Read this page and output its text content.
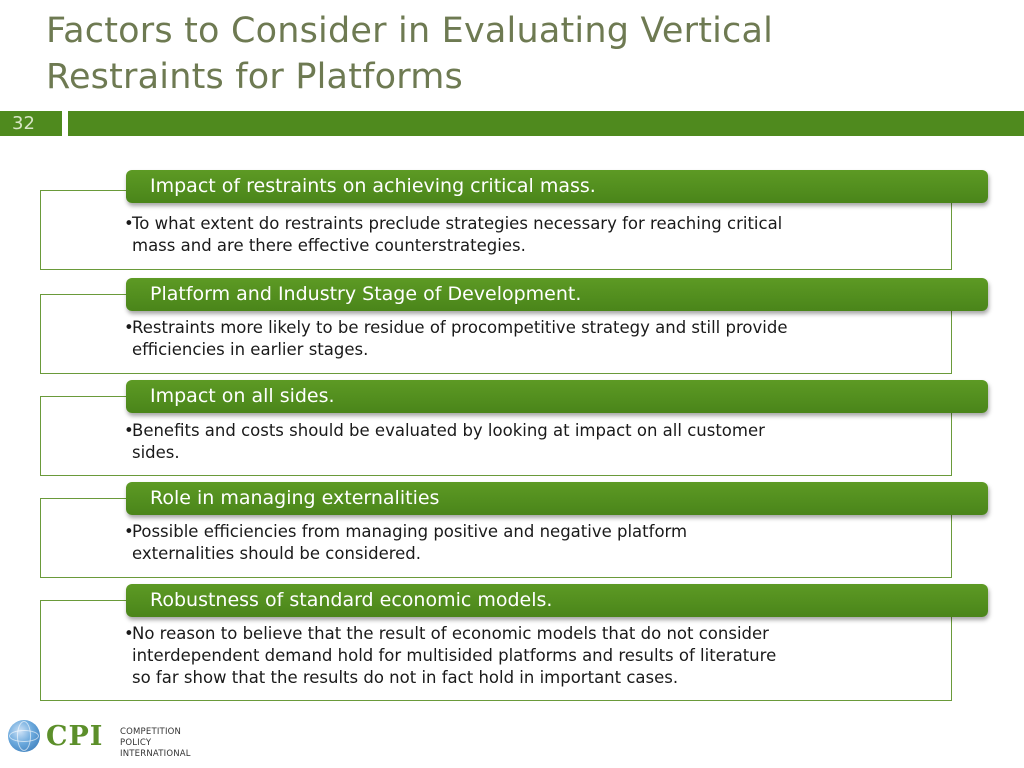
Factors to Consider in Evaluating Vertical
Restraints for Platforms
32
Impact of restraints on achieving critical mass.
•
To what extent do restraints preclude strategies necessary for reaching critical
mass and are there effective counterstrategies.
Platform and Industry Stage of Development.
•
Restraints more likely to be residue of procompetitive strategy and still provide
efficiencies in earlier stages.
Impact on all sides.
•
Benefits and costs should be evaluated by looking at impact on all customer
sides.
Role in managing externalities
•
Possible efficiencies from managing positive and negative platform
externalities should be considered.
Robustness of standard economic models.
•
No reason to believe that the result of economic models that do not consider
interdependent demand hold for multisided platforms and results of literature
so far show that the results do not in fact hold in important cases.
CPI COMPETITION POLICY
INTERNATIONAL
